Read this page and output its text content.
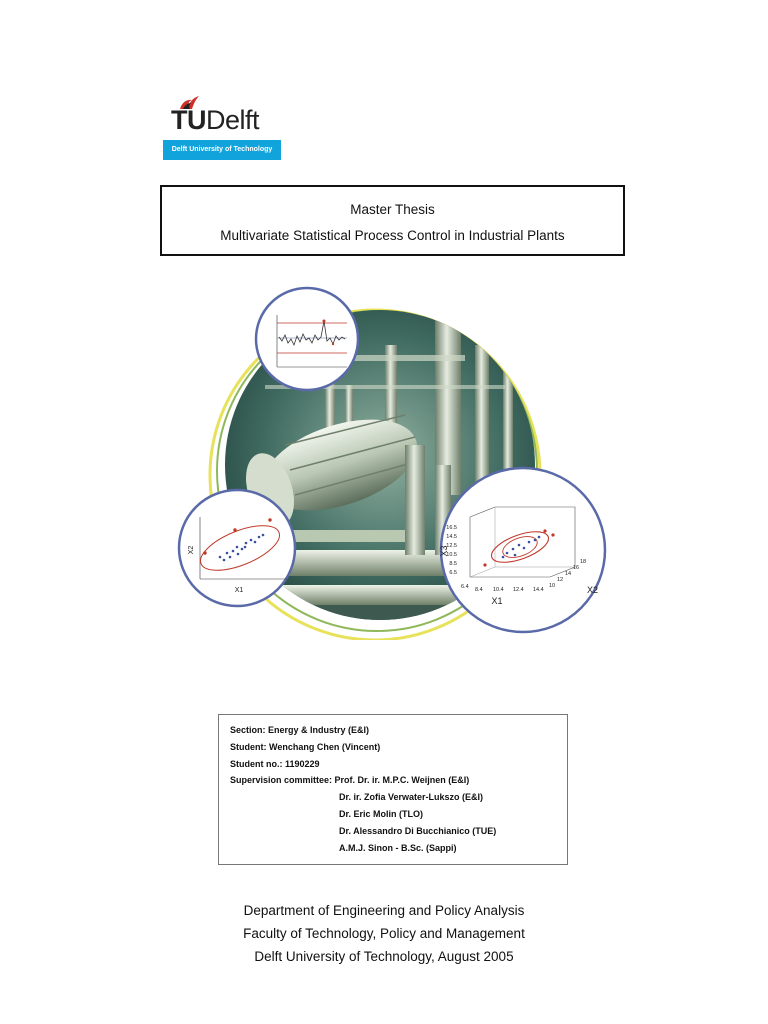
TUDelft
Delft University of Technology
Master Thesis
Multivariate Statistical Process Control in Industrial Plants
X1
X2
16.5
14.5
12.5
10.5
8.5
6.5
6.4 8.4 10.4 12.4 14.4
10
12
14
16
18
X1
X2
X3
Section: Energy & Industry (E&I)
Student: Wenchang Chen (Vincent)
Student no.: 1190229
Supervision committee: Prof. Dr. ir. M.P.C. Weijnen (E&I)
Dr. ir. Zofia Verwater-Lukszo (E&I)
Dr. Eric Molin (TLO)
Dr. Alessandro Di Bucchianico (TUE)
A.M.J. Sinon - B.Sc. (Sappi)
Department of Engineering and Policy Analysis
Faculty of Technology, Policy and Management
Delft University of Technology, August 2005
